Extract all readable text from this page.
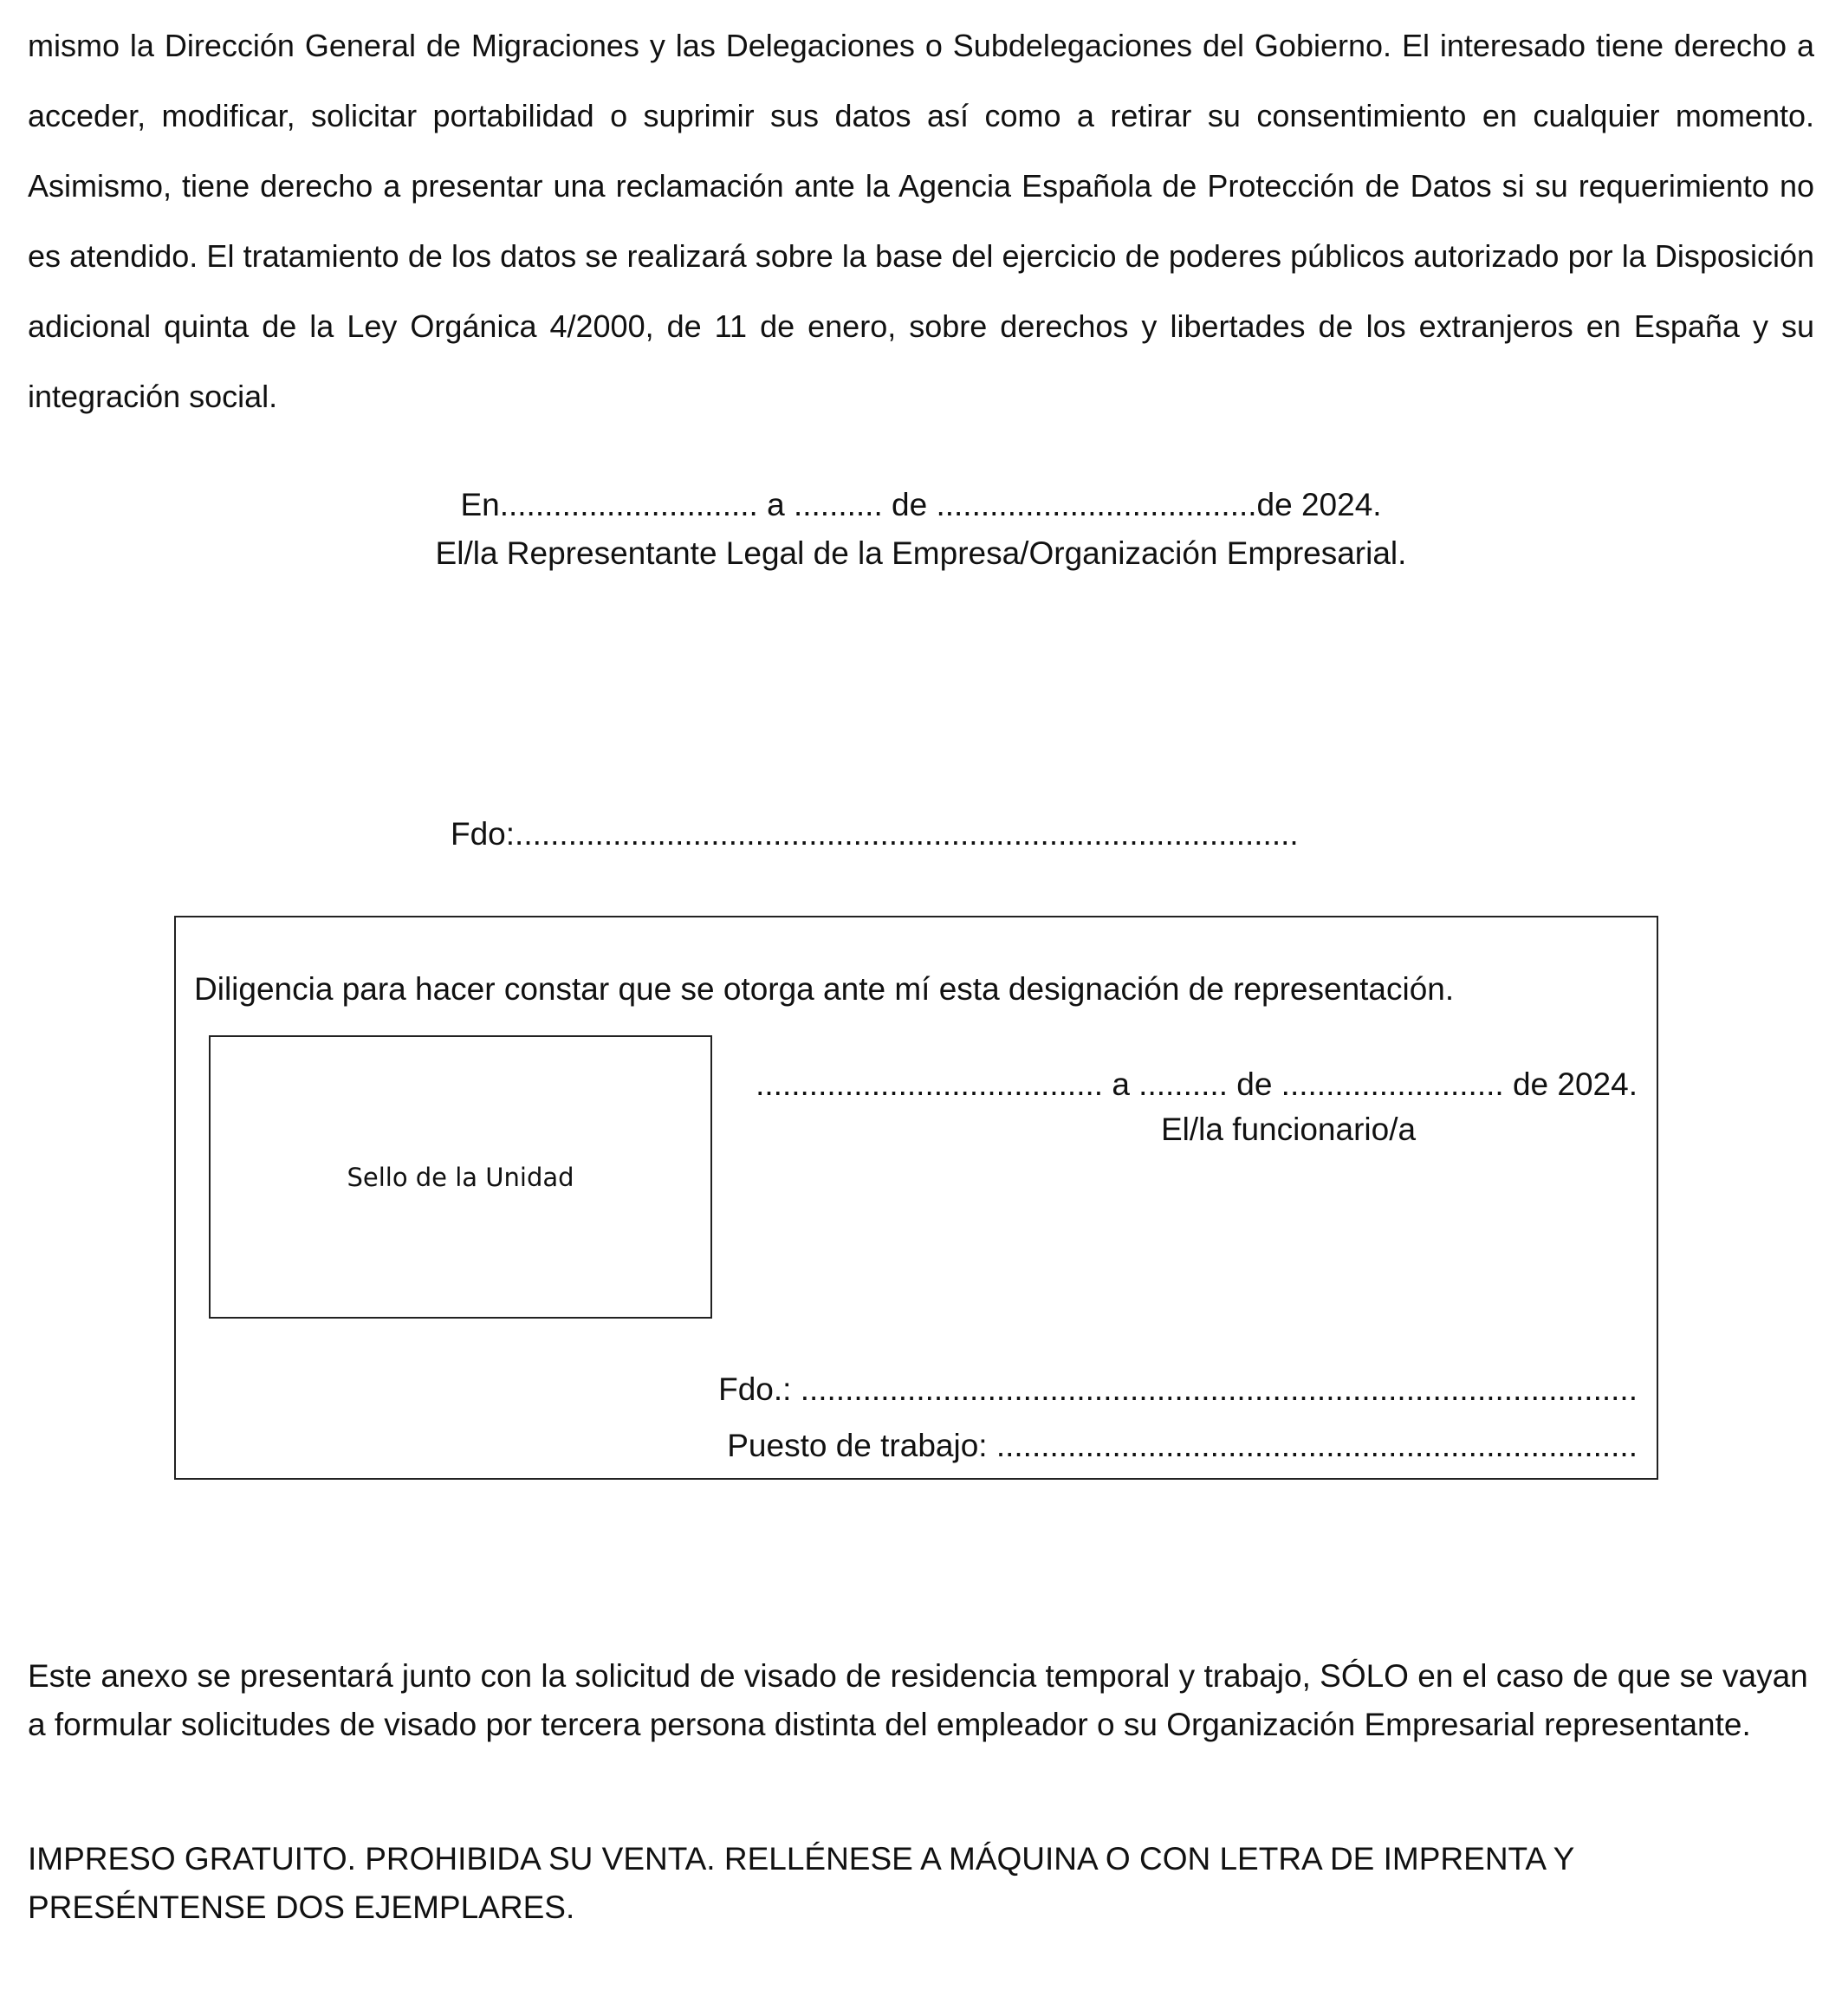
mismo la Dirección General de Migraciones y las Delegaciones o Subdelegaciones del Gobierno. El interesado tiene derecho a acceder, modificar, solicitar portabilidad o suprimir sus datos así como a retirar su consentimiento en cualquier momento. Asimismo, tiene derecho a presentar una reclamación ante la Agencia Española de Protección de Datos si su requerimiento no es atendido. El tratamiento de los datos se realizará sobre la base del ejercicio de poderes públicos autorizado por la Disposición adicional quinta de la Ley Orgánica 4/2000, de 11 de enero, sobre derechos y libertades de los extranjeros en España y su integración social.

En............................. a .......... de ....................................de 2024.
El/la Representante Legal de la Empresa/Organización Empresarial.
Fdo:........................................................................................
Diligencia para hacer constar que se otorga ante mí esta designación de representación.
Sello de la Unidad
....................................... a .......... de ......................... de 2024.
El/la funcionario/a
Fdo.: ..............................................................................................
Puesto de trabajo: ........................................................................

Este anexo se presentará junto con la solicitud de visado de residencia temporal y trabajo, SÓLO en el caso de que se vayan a formular solicitudes de visado por tercera persona distinta del empleador o su Organización Empresarial representante.

IMPRESO GRATUITO. PROHIBIDA SU VENTA. RELLÉNESE A MÁQUINA O CON LETRA DE IMPRENTA Y PRESÉNTENSE DOS EJEMPLARES.
